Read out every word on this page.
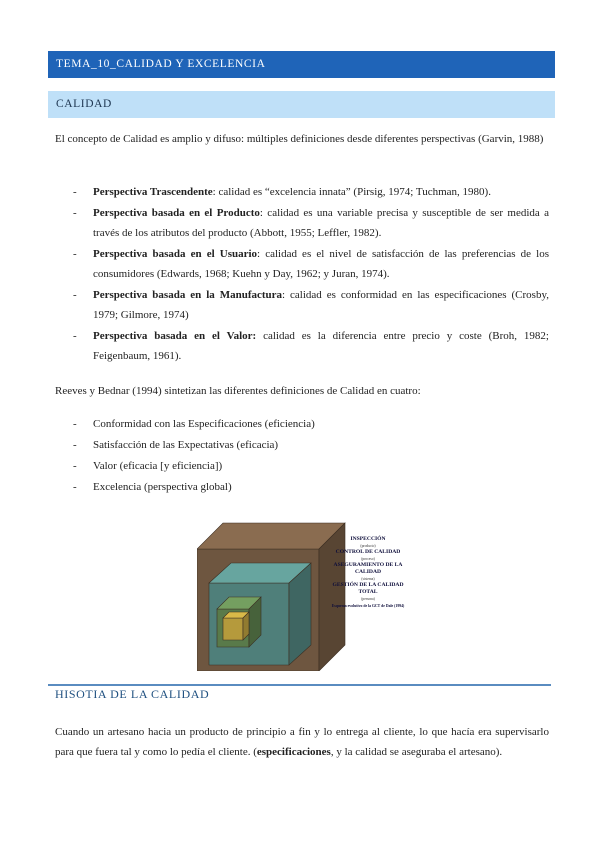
TEMA_10_CALIDAD Y EXCELENCIA
CALIDAD

El concepto de Calidad es amplio y difuso: múltiples definiciones desde diferentes perspectivas (Garvin, 1988)

- Perspectiva Trascendente: calidad es “excelencia innata” (Pirsig, 1974; Tuchman, 1980).
- Perspectiva basada en el Producto: calidad es una variable precisa y susceptible de ser medida a través de los atributos del producto (Abbott, 1955; Leffler, 1982).
- Perspectiva basada en el Usuario: calidad es el nivel de satisfacción de las preferencias de los consumidores (Edwards, 1968; Kuehn y Day, 1962; y Juran, 1974).
- Perspectiva basada en la Manufactura: calidad es conformidad en las especificaciones (Crosby, 1979; Gilmore, 1974)
- Perspectiva basada en el Valor: calidad es la diferencia entre precio y coste (Broh, 1982; Feigenbaum, 1961).

Reeves y Bednar (1994) sintetizan las diferentes definiciones de Calidad en cuatro:

- Conformidad con las Especificaciones (eficiencia)
- Satisfacción de las Expectativas (eficacia)
- Valor (eficacia [y eficiencia])
- Excelencia (perspectiva global)
INSPECCIÓN
(producto)
CONTROL DE CALIDAD
(proceso)
ASEGURAMIENTO DE LA CALIDAD
(sistema)
GESTIÓN DE LA CALIDAD TOTAL
(persona)
Esquema evolutivo de la GCT de Dale (1994)
HISOTIA DE LA CALIDAD

Cuando un artesano hacia un producto de principio a fin y lo entrega al cliente, lo que hacía era supervisarlo para que fuera tal y como lo pedía el cliente. (especificaciones, y la calidad se aseguraba el artesano).
